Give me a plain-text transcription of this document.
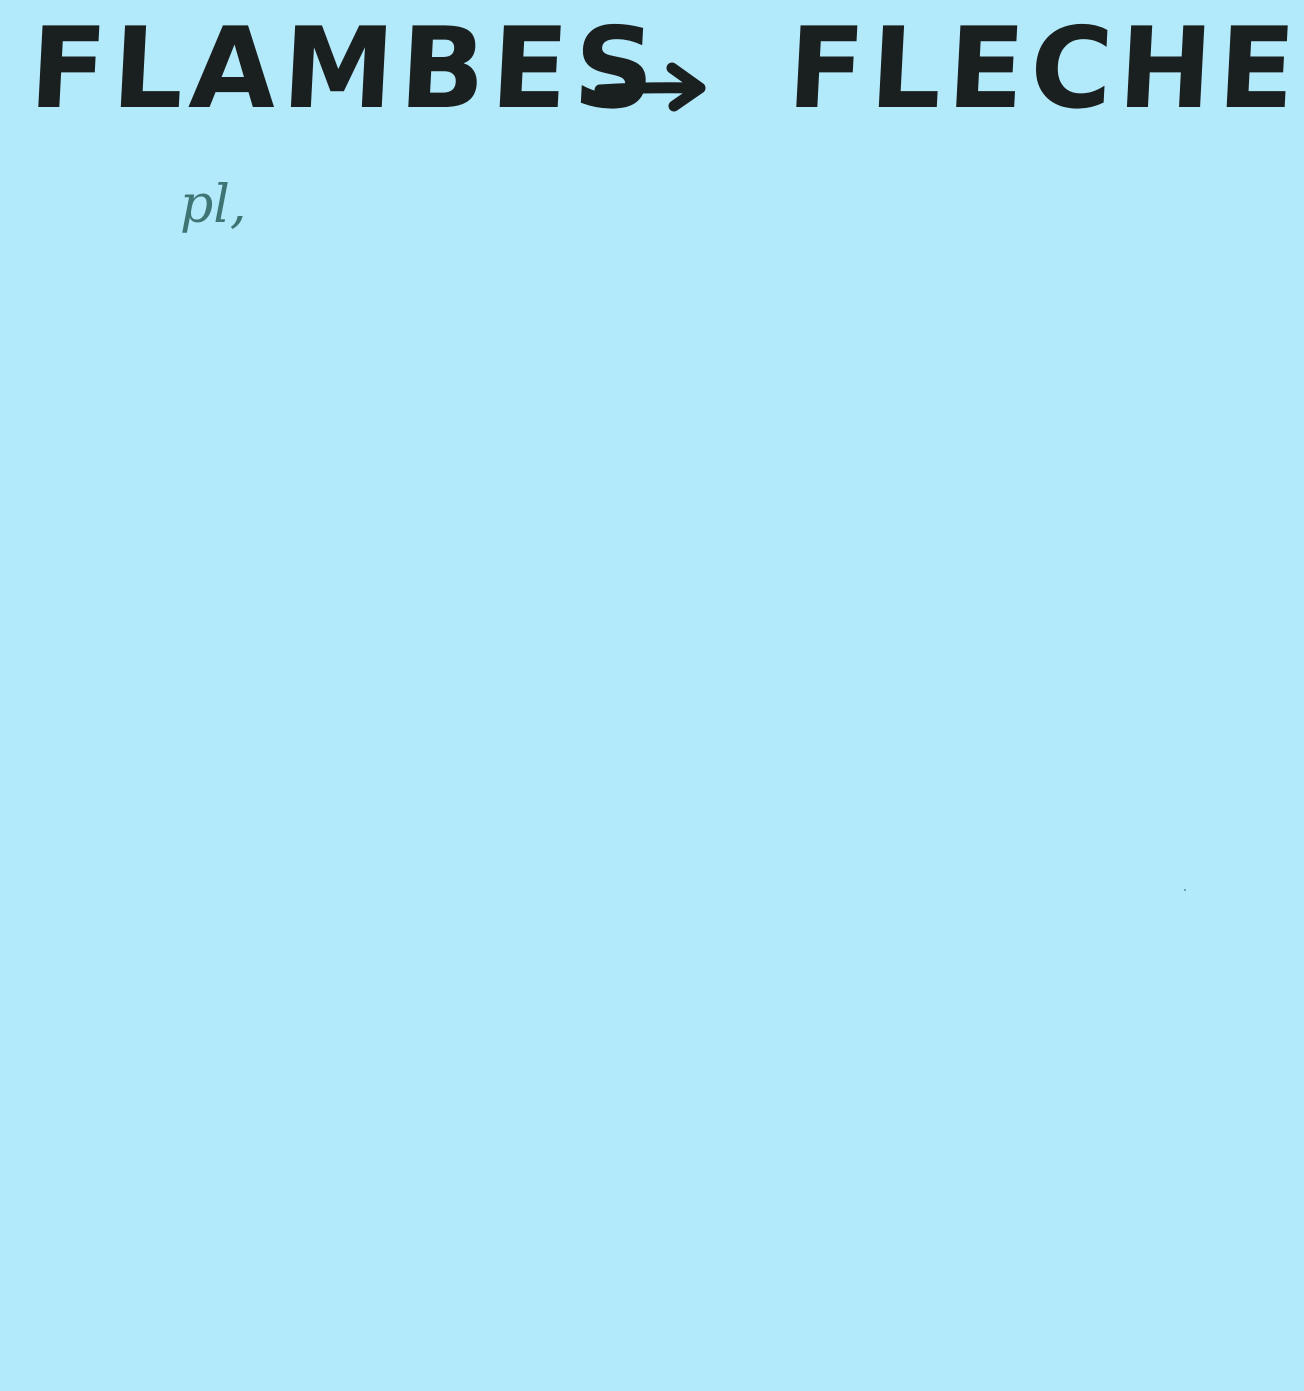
FLAMBES FLECHE
pl,
